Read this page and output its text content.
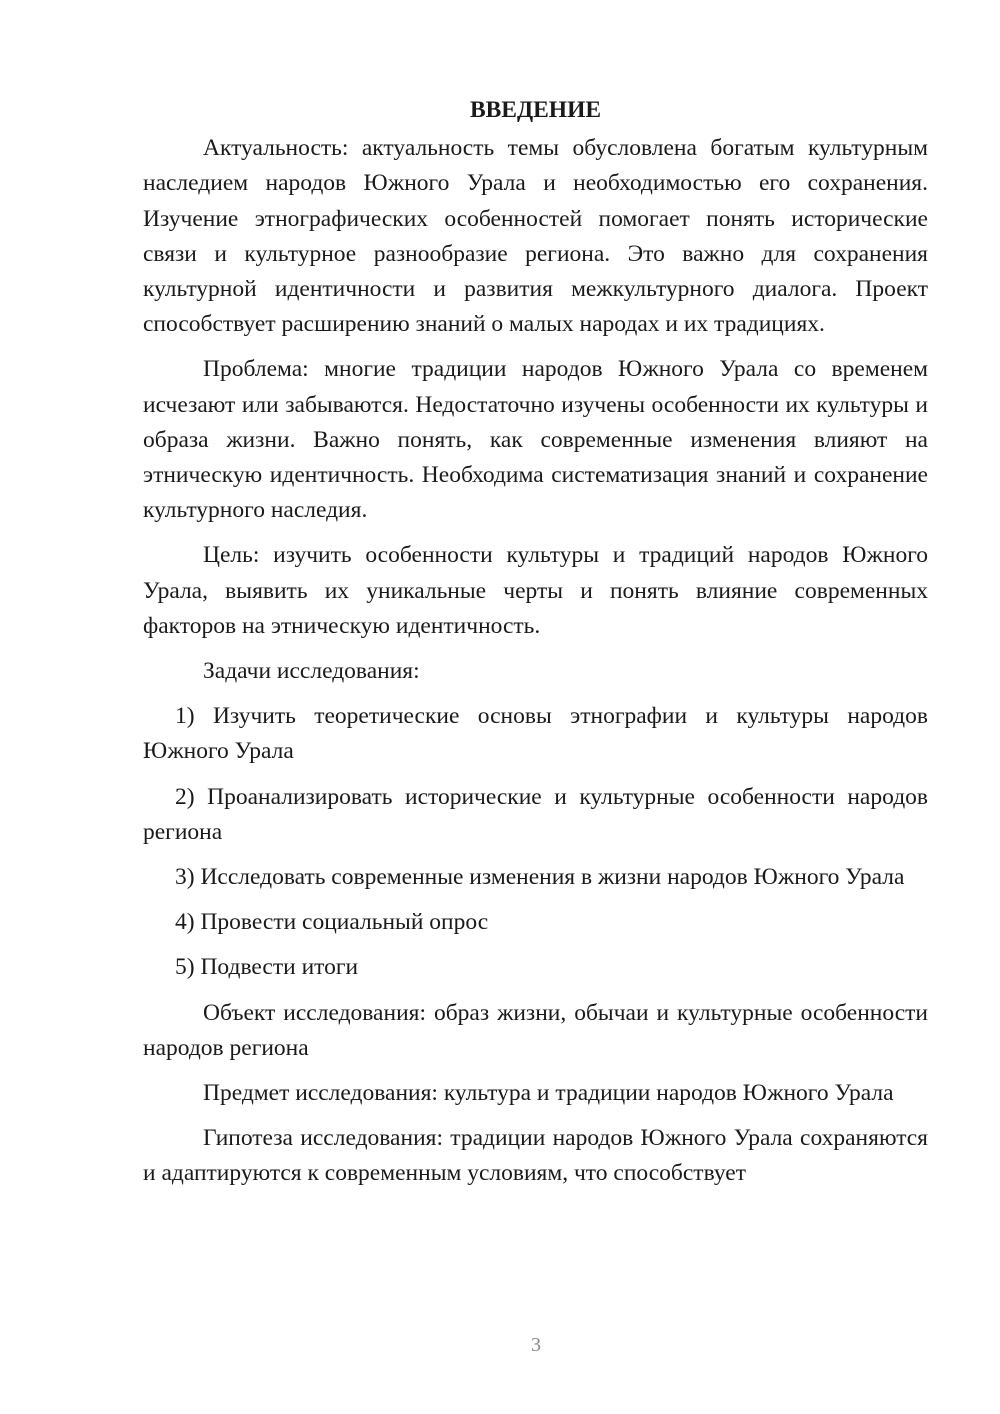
ВВЕДЕНИЕ

Актуальность: актуальность темы обусловлена богатым культурным наследием народов Южного Урала и необходимостью его сохранения. Изучение этнографических особенностей помогает понять исторические связи и культурное разнообразие региона. Это важно для сохранения культурной идентичности и развития межкультурного диалога. Проект способствует расширению знаний о малых народах и их традициях.

Проблема: многие традиции народов Южного Урала со временем исчезают или забываются. Недостаточно изучены особенности их культуры и образа жизни. Важно понять, как современные изменения влияют на этническую идентичность. Необходима систематизация знаний и сохранение культурного наследия.

Цель: изучить особенности культуры и традиций народов Южного Урала, выявить их уникальные черты и понять влияние современных факторов на этническую идентичность.

Задачи исследования:

1) Изучить теоретические основы этнографии и культуры народов Южного Урала

2) Проанализировать исторические и культурные особенности народов региона

3) Исследовать современные изменения в жизни народов Южного Урала

4) Провести социальный опрос

5) Подвести итоги

Объект исследования: образ жизни, обычаи и культурные особенности народов региона

Предмет исследования: культура и традиции народов Южного Урала

Гипотеза исследования: традиции народов Южного Урала сохраняются и адаптируются к современным условиям, что способствует

3
